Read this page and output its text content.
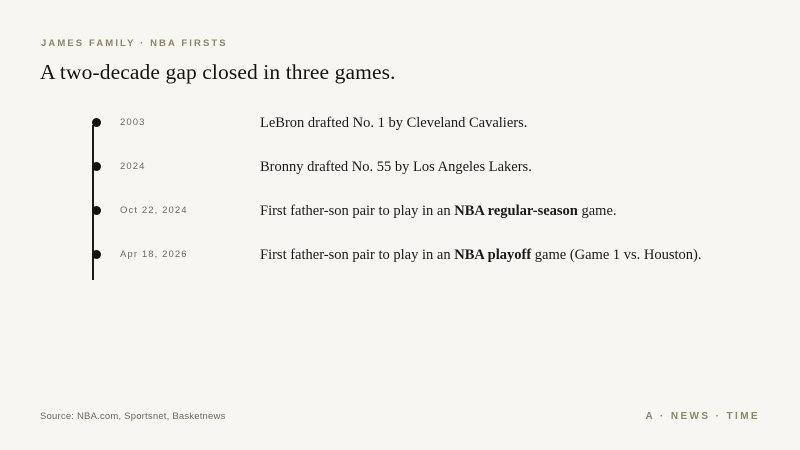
JAMES FAMILY · NBA FIRSTS
A two-decade gap closed in three games.
2003	LeBron drafted No. 1 by Cleveland Cavaliers.
2024	Bronny drafted No. 55 by Los Angeles Lakers.
Oct 22, 2024	First father-son pair to play in an NBA regular-season game.
Apr 18, 2026	First father-son pair to play in an NBA playoff game (Game 1 vs. Houston).
Source: NBA.com, Sportsnet, Basketnews	A · NEWS · TIME
